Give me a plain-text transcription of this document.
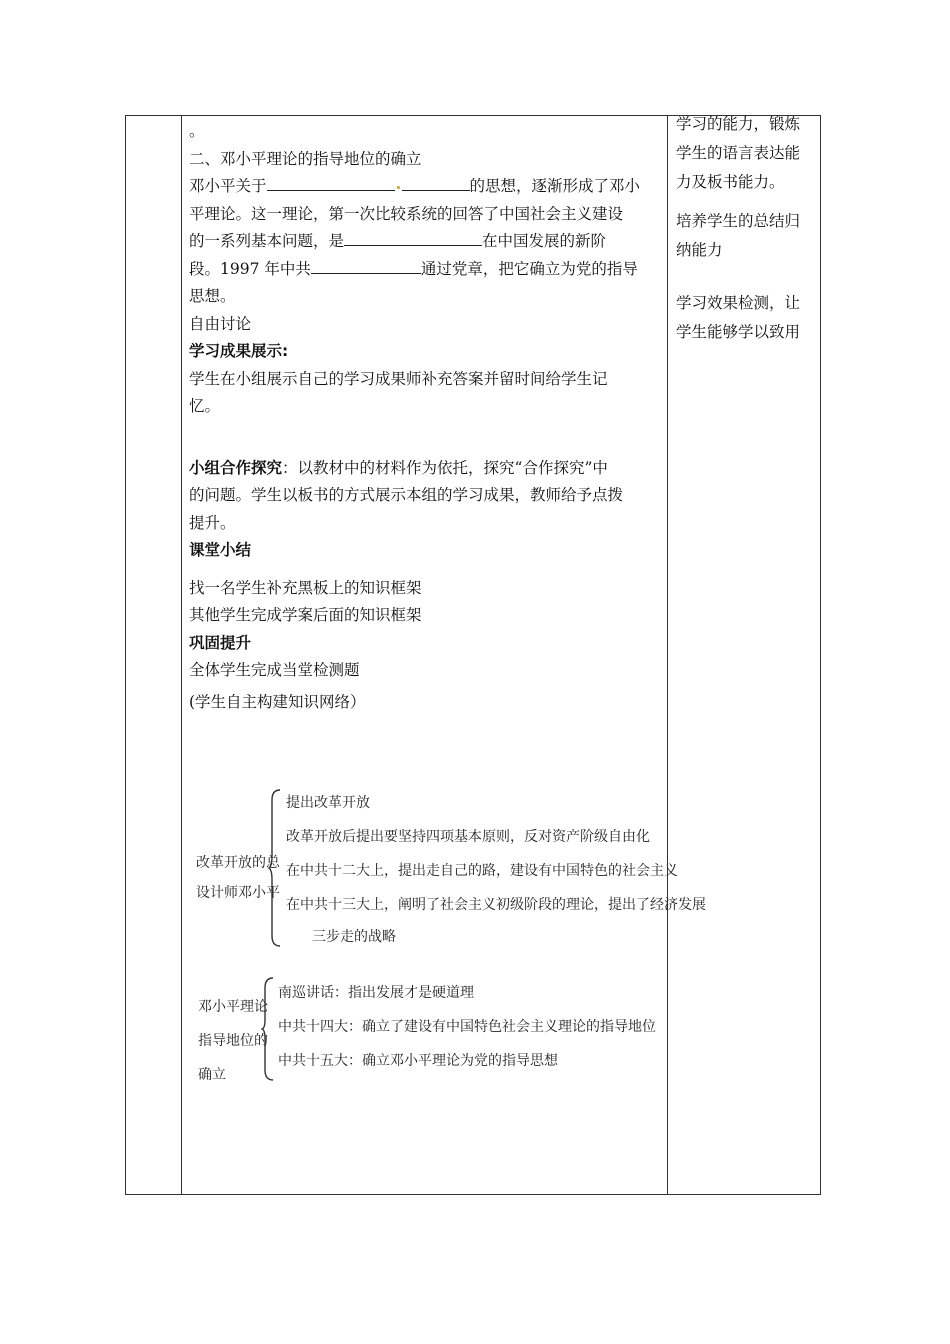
。

二、邓小平理论的指导地位的确立

邓小平关于	的思想，逐渐形成了邓小

平理论。这一理论，第一次比较系统的回答了中国社会主义建设

的一系列基本问题，是	在中国发展的新阶

段。1997 年中共	通过党章，把它确立为党的指导

思想。

自由讨论

学习成果展示:

学生在小组展示自己的学习成果师补充答案并留时间给学生记

忆。

小组合作探究：以教材中的材料作为依托，探究“合作探究”中

的问题。学生以板书的方式展示本组的学习成果，教师给予点拨

提升。

课堂小结

找一名学生补充黑板上的知识框架

其他学生完成学案后面的知识框架

巩固提升

全体学生完成当堂检测题

(学生自主构建知识网络）

改革开放的总
设计师邓小平
提出改革开放
改革开放后提出要坚持四项基本原则，反对资产阶级自由化
在中共十二大上，提出走自己的路，建设有中国特色的社会主义
在中共十三大上，阐明了社会主义初级阶段的理论，提出了经济发展
三步走的战略
邓小平理论
指导地位的
确立
南巡讲话：指出发展才是硬道理
中共十四大：确立了建设有中国特色社会主义理论的指导地位
中共十五大：确立邓小平理论为党的指导思想

学习的能力，锻炼

学生的语言表达能

力及板书能力。

培养学生的总结归

纳能力

学习效果检测，让

学生能够学以致用
